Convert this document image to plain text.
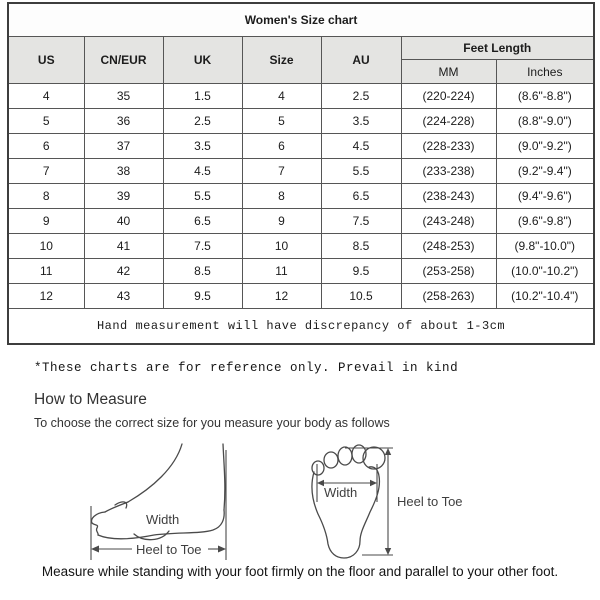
Women's Size chart						
US	CN/EUR	UK	Size	AU	Feet Length	
					MM	Inches
4	35	1.5	4	2.5	(220-224)	(8.6"-8.8")
5	36	2.5	5	3.5	(224-228)	(8.8"-9.0")
6	37	3.5	6	4.5	(228-233)	(9.0"-9.2")
7	38	4.5	7	5.5	(233-238)	(9.2"-9.4")
8	39	5.5	8	6.5	(238-243)	(9.4"-9.6")
9	40	6.5	9	7.5	(243-248)	(9.6"-9.8")
10	41	7.5	10	8.5	(248-253)	(9.8"-10.0")
11	42	8.5	11	9.5	(253-258)	(10.0"-10.2")
12	43	9.5	12	10.5	(258-263)	(10.2"-10.4")
Hand measurement will have discrepancy of about 1-3cm						
*These charts are for reference only. Prevail in kind
How to Measure
To choose the correct size for you measure your body as follows
Width
Heel to Toe
Width
Heel to Toe
Measure while standing with your foot firmly on the floor and parallel to your other foot.
